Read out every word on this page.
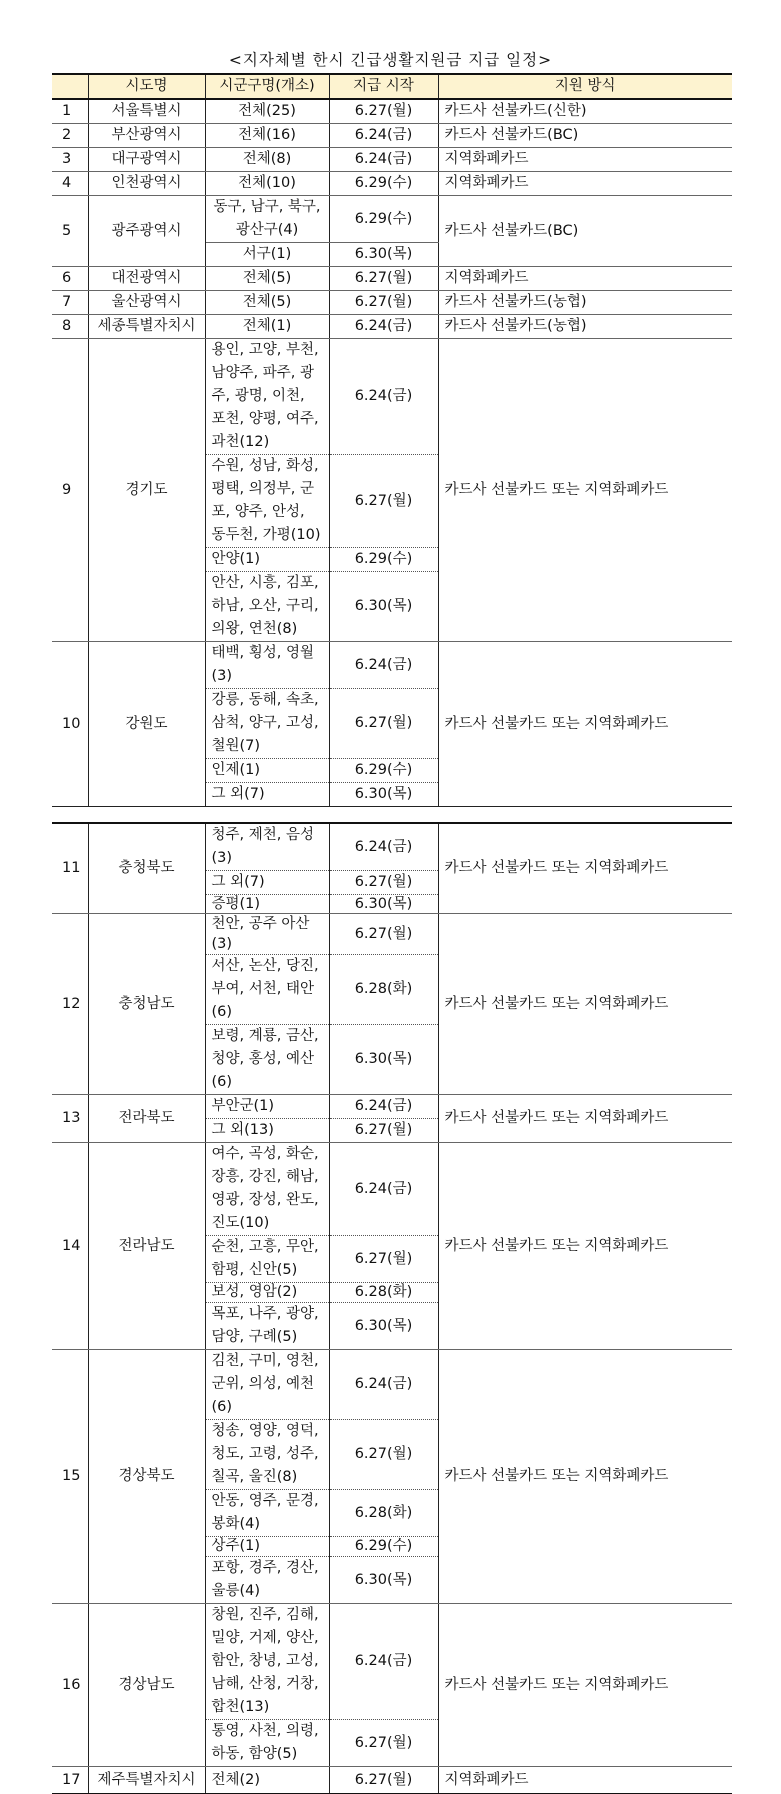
<지자체별 한시 긴급생활지원금 지급 일정>
	시도명	시군구명(개소)	지급 시작	지원 방식
1	서울특별시	전체(25)	6.27(월)	카드사 선불카드(신한)
2	부산광역시	전체(16)	6.24(금)	카드사 선불카드(BC)
3	대구광역시	전체(8)	6.24(금)	지역화폐카드
4	인천광역시	전체(10)	6.29(수)	지역화폐카드
5	광주광역시	동구, 남구, 북구, 광산구(4)	6.29(수)	카드사 선불카드(BC)
		서구(1)	6.30(목)	
6	대전광역시	전체(5)	6.27(월)	지역화폐카드
7	울산광역시	전체(5)	6.27(월)	카드사 선불카드(농협)
8	세종특별자치시	전체(1)	6.24(금)	카드사 선불카드(농협)
9	경기도	용인, 고양, 부천, 남양주, 파주, 광주, 광명, 이천, 포천, 양평, 여주, 과천(12)	6.24(금)	카드사 선불카드 또는 지역화폐카드
		수원, 성남, 화성, 평택, 의정부, 군포, 양주, 안성, 동두천, 가평(10)	6.27(월)	
		안양(1)	6.29(수)	
		안산, 시흥, 김포, 하남, 오산, 구리, 의왕, 연천(8)	6.30(목)	
10	강원도	태백, 횡성, 영월(3)	6.24(금)	카드사 선불카드 또는 지역화폐카드
		강릉, 동해, 속초, 삼척, 양구, 고성, 철원(7)	6.27(월)	
		인제(1)	6.29(수)	
		그 외(7)	6.30(목)	
11	충청북도	청주, 제천, 음성(3)	6.24(금)	카드사 선불카드 또는 지역화폐카드
		그 외(7)	6.27(월)	
		증평(1)	6.30(목)	
12	충청남도	천안, 공주 아산(3)	6.27(월)	카드사 선불카드 또는 지역화폐카드
		서산, 논산, 당진, 부여, 서천, 태안(6)	6.28(화)	
		보령, 계룡, 금산, 청양, 홍성, 예산(6)	6.30(목)	
13	전라북도	부안군(1)	6.24(금)	카드사 선불카드 또는 지역화폐카드
		그 외(13)	6.27(월)	
14	전라남도	여수, 곡성, 화순, 장흥, 강진, 해남, 영광, 장성, 완도, 진도(10)	6.24(금)	카드사 선불카드 또는 지역화폐카드
		순천, 고흥, 무안, 함평, 신안(5)	6.27(월)	
		보성, 영암(2)	6.28(화)	
		목포, 나주, 광양, 담양, 구례(5)	6.30(목)	
15	경상북도	김천, 구미, 영천, 군위, 의성, 예천(6)	6.24(금)	카드사 선불카드 또는 지역화폐카드
		청송, 영양, 영덕, 청도, 고령, 성주, 칠곡, 울진(8)	6.27(월)	
		안동, 영주, 문경, 봉화(4)	6.28(화)	
		상주(1)	6.29(수)	
		포항, 경주, 경산, 울릉(4)	6.30(목)	
16	경상남도	창원, 진주, 김해, 밀양, 거제, 양산, 함안, 창녕, 고성, 남해, 산청, 거창, 합천(13)	6.24(금)	카드사 선불카드 또는 지역화폐카드
		통영, 사천, 의령, 하동, 함양(5)	6.27(월)	
17	제주특별자치시	전체(2)	6.27(월)	지역화폐카드
